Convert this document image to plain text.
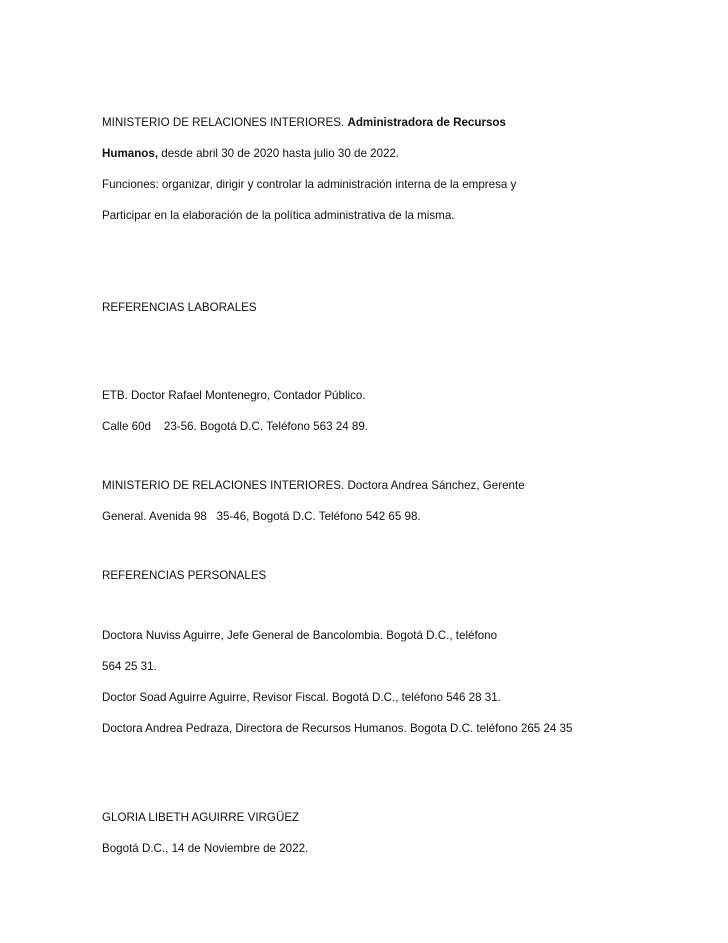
MINISTERIO DE RELACIONES INTERIORES. Administradora de Recursos
Humanos, desde abril 30 de 2020 hasta julio 30 de 2022.
Funciones: organizar, dirigir y controlar la administración interna de la empresa y
Participar en la elaboración de la política administrativa de la misma.
REFERENCIAS LABORALES
ETB. Doctor Rafael Montenegro, Contador Público.
Calle 60d    23-56. Bogotá D.C. Teléfono 563 24 89.
MINISTERIO DE RELACIONES INTERIORES. Doctora Andrea Sánchez, Gerente
General. Avenida 98   35-46, Bogotá D.C. Teléfono 542 65 98.
REFERENCIAS PERSONALES
Doctora Nuviss Aguirre, Jefe General de Bancolombia. Bogotá D.C., teléfono
564 25 31.
Doctor Soad Aguirre Aguirre, Revisor Fiscal. Bogotá D.C., teléfono 546 28 31.
Doctora Andrea Pedraza, Directora de Recursos Humanos. Bogota D.C. teléfono 265 24 35
GLORIA LIBETH AGUIRRE VIRGÜEZ
Bogotá D.C., 14 de Noviembre de 2022.
